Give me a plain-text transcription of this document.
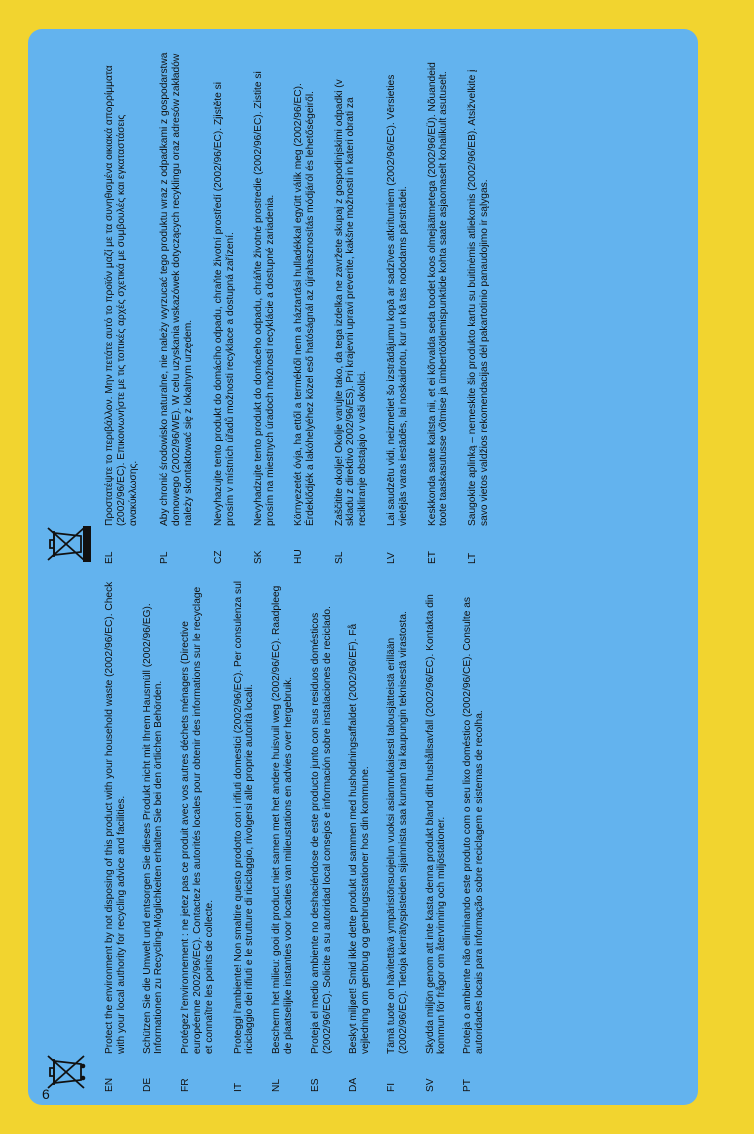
EN
Protect the environment by not disposing of this product with your household waste (2002/96/EC). Check with your local authority for recycling advice and facilities.
DE
Schützen Sie die Umwelt und entsorgen Sie dieses Produkt nicht mit Ihrem Hausmüll (2002/96/EG). Informationen zu Recycling-Möglichkeiten erhalten Sie bei den örtlichen Behörden.
FR
Protégez l'environnement : ne jetez pas ce produit avec vos autres déchets ménagers (Directive européenne 2002/96/EC). Contactez les autorités locales pour obtenir des informations sur le recyclage et connaître les points de collecte.
IT
Proteggi l'ambiente! Non smaltire questo prodotto con i rifiuti domestici (2002/96/EC). Per consulenza sul riciclaggio dei rifiuti e le strutture di riciclaggio, rivolgersi alle proprie autorità locali.
NL
Bescherm het milieu: gooi dit product niet samen met het andere huisvuil weg (2002/96/EC). Raadpleeg de plaatselijke instanties voor locaties van milieustations en advies over hergebruik.
ES
Proteja el medio ambiente no deshaciéndose de este producto junto con sus residuos domésticos (2002/96/EC). Solicite a su autoridad local consejos e información sobre instalaciones de reciclado.
DA
Beskyt miljøet! Smid ikke dette produkt ud sammen med husholdningsaffaldet (2002/96/EF). Få vejledning om genbrug og genbrugsstationer hos din kommune.
FI
Tämä tuote on hävitettävä ympäristönsuojelun vuoksi asianmukaisesti talousjätteistä erillään (2002/96/EC). Tietoja kierrätyspisteiden sijainnista saa kunnan tai kaupungin teknisestä virastosta.
SV
Skydda miljön genom att inte kasta denna produkt bland ditt hushållsavfall (2002/96/EC). Kontakta din kommun för frågor om återvinning och miljöstationer.
PT
Proteja o ambiente não eliminando este produto com o seu lixo doméstico (2002/96/CE). Consulte as autoridades locais para informação sobre reciclagem e sistemas de recolha.
EL
Προστατέψτε το περιβάλλον. Μην πετάτε αυτό το προϊόν μαζί με τα συνηθισμένα οικιακά απορρίμματα (2002/96/EC). Επικοινωνήστε με τις τοπικές αρχές σχετικά με συμβουλές και εγκαταστάσεις ανακύκλωσης.
PL
Aby chronić środowisko naturalne, nie należy wyrzucać tego produktu wraz z odpadkami z gospodarstwa domowego (2002/96/WE). W celu uzyskania wskazówek dotyczących recyklingu oraz adresów zakładów należy skontaktować się z lokalnym urzędem.
CZ
Nevyhazujte tento produkt do domácího odpadu, chraňte životní prostředí (2002/96/EC). Zjistěte si prosím v místních úřadů možnosti recyklace a dostupná zařízení.
SK
Nevyhadzujte tento produkt do domáceho odpadu, chráňte životné prostredie (2002/96/EC). Zistite si prosím na miestnych úradoch možnosti recyklácie a dostupné zariadenia.
HU
Környezetét óvja, ha ettől a terméktől nem a háztartási hulladékkal együtt válik meg (2002/96/EC). Érdeklődjék a lakóhelyéhez közel eső hatóságnál az újrahasznosítás módjáról és lehetőségeiről.
SL
Zaščitite okolje! Okolje varujte tako, da tega izdelka ne zavržete skupaj z gospodinjskimi odpadki (v skladu z direktivo 2002/96/ES). Pri krajevni upravi preverite, kakšne možnosti in kateri obrati za recikliranje obstajajo v vaši okolici.
LV
Lai saudzētu vidi, neizmetiet šo izstrādājumu kopā ar sadzīves atkritumiem (2002/96/EC). Vērsieties vietējās varas iestādēs, lai noskaidrotu, kur un kā tas nododams pārstrādei.
ET
Keskkonda saate kaitsta nii, et ei kõrvalda seda toodet koos olmejäätmetega (2002/96/EÜ). Nõuandeid toote taaskasutusse võtmise ja ümbertöötlemispunktide kohta saate asjaomaselt kohalikult asutuselt.
LT
Saugokite aplinką – nemeskite šio produkto kartu su buitinėmis atliekomis (2002/96/EB). Atsižvelkite į savo vietos valdžios rekomendacijas dėl pakartotinio panaudojimo ir sąlygas.
6
